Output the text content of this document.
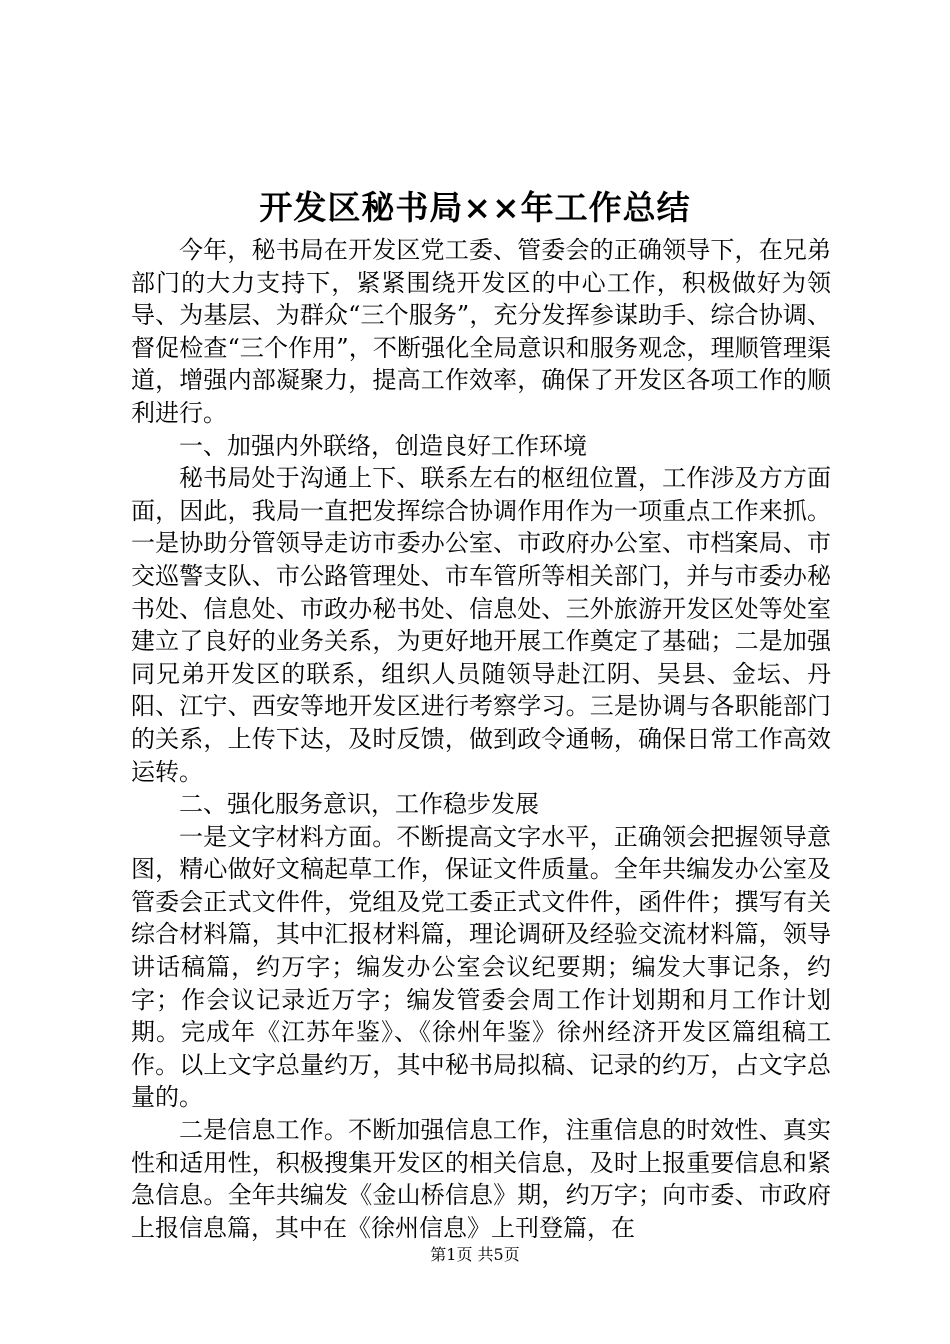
开发区秘书局××年工作总结

今年，秘书局在开发区党工委、管委会的正确领导下，在兄弟部门的大力支持下，紧紧围绕开发区的中心工作，积极做好为领导、为基层、为群众“三个服务”，充分发挥参谋助手、综合协调、督促检查“三个作用”，不断强化全局意识和服务观念，理顺管理渠道，增强内部凝聚力，提高工作效率，确保了开发区各项工作的顺利进行。

一、加强内外联络，创造良好工作环境

秘书局处于沟通上下、联系左右的枢纽位置，工作涉及方方面面，因此，我局一直把发挥综合协调作用作为一项重点工作来抓。一是协助分管领导走访市委办公室、市政府办公室、市档案局、市交巡警支队、市公路管理处、市车管所等相关部门，并与市委办秘书处、信息处、市政办秘书处、信息处、三外旅游开发区处等处室建立了良好的业务关系，为更好地开展工作奠定了基础；二是加强同兄弟开发区的联系，组织人员随领导赴江阴、吴县、金坛、丹阳、江宁、西安等地开发区进行考察学习。三是协调与各职能部门的关系，上传下达，及时反馈，做到政令通畅，确保日常工作高效运转。

二、强化服务意识，工作稳步发展

一是文字材料方面。不断提高文字水平，正确领会把握领导意图，精心做好文稿起草工作，保证文件质量。全年共编发办公室及管委会正式文件件，党组及党工委正式文件件，函件件；撰写有关综合材料篇，其中汇报材料篇，理论调研及经验交流材料篇，领导讲话稿篇，约万字；编发办公室会议纪要期；编发大事记条，约字；作会议记录近万字；编发管委会周工作计划期和月工作计划期。完成年《江苏年鉴》、《徐州年鉴》徐州经济开发区篇组稿工作。以上文字总量约万，其中秘书局拟稿、记录的约万，占文字总量的。

二是信息工作。不断加强信息工作，注重信息的时效性、真实性和适用性，积极搜集开发区的相关信息，及时上报重要信息和紧急信息。全年共编发《金山桥信息》期，约万字；向市委、市政府上报信息篇，其中在《徐州信息》上刊登篇，在

第1页 共5页
